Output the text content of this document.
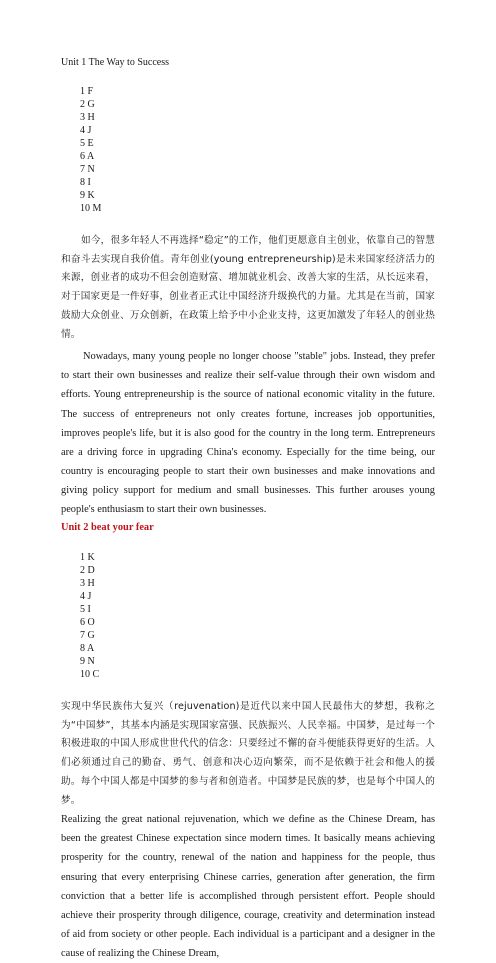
Unit 1 The Way to Success

1 F
2 G
3 H
4 J
5 E
6 A
7 N
8 I
9 K
10 M

如今，很多年轻人不再选择“稳定”的工作，他们更愿意自主创业，依靠自己的智慧和奋斗去实现自我价值。青年创业(young entrepreneurship)是未来国家经济活力的来源，创业者的成功不但会创造财富、增加就业机会、改善大家的生活，从长远来看，对于国家更是一件好事，创业者正式让中国经济升级换代的力量。尤其是在当前，国家鼓励大众创业、万众创新，在政策上给予中小企业支持，这更加激发了年轻人的创业热情。

Nowadays, many young people no longer choose "stable" jobs. Instead, they prefer to start their own businesses and realize their self-value through their own wisdom and efforts. Young entrepreneurship is the source of national economic vitality in the future. The success of entrepreneurs not only creates fortune, increases job opportunities, improves people's life, but it is also good for the country in the long term. Entrepreneurs are a driving force in upgrading China's economy. Especially for the time being, our country is encouraging people to start their own businesses and make innovations and giving policy support for medium and small businesses. This further arouses young people's enthusiasm to start their own businesses.

Unit 2 beat your fear

1 K
2 D
3 H
4 J
5 I
6 O
7 G
8 A
9 N
10 C

实现中华民族伟大复兴（rejuvenation)是近代以来中国人民最伟大的梦想，我称之为“中国梦”，其基本内涵是实现国家富强、民族振兴、人民幸福。中国梦，是过每一个积极进取的中国人形成世世代代的信念：只要经过不懈的奋斗便能获得更好的生活。人们必须通过自己的勤奋、勇气、创意和决心迈向繁荣，而不是依赖于社会和他人的援助。每个中国人都是中国梦的参与者和创造者。中国梦是民族的梦，也是每个中国人的梦。

Realizing the great national rejuvenation, which we define as the Chinese Dream, has been the greatest Chinese expectation since modern times. It basically means achieving prosperity for the country, renewal of the nation and happiness for the people, thus ensuring that every enterprising Chinese carries, generation after generation, the firm conviction that a better life is accomplished through persistent effort. People should achieve their prosperity through diligence, courage, creativity and determination instead of aid from society or other people. Each individual is a participant and a designer in the cause of realizing the Chinese Dream,
